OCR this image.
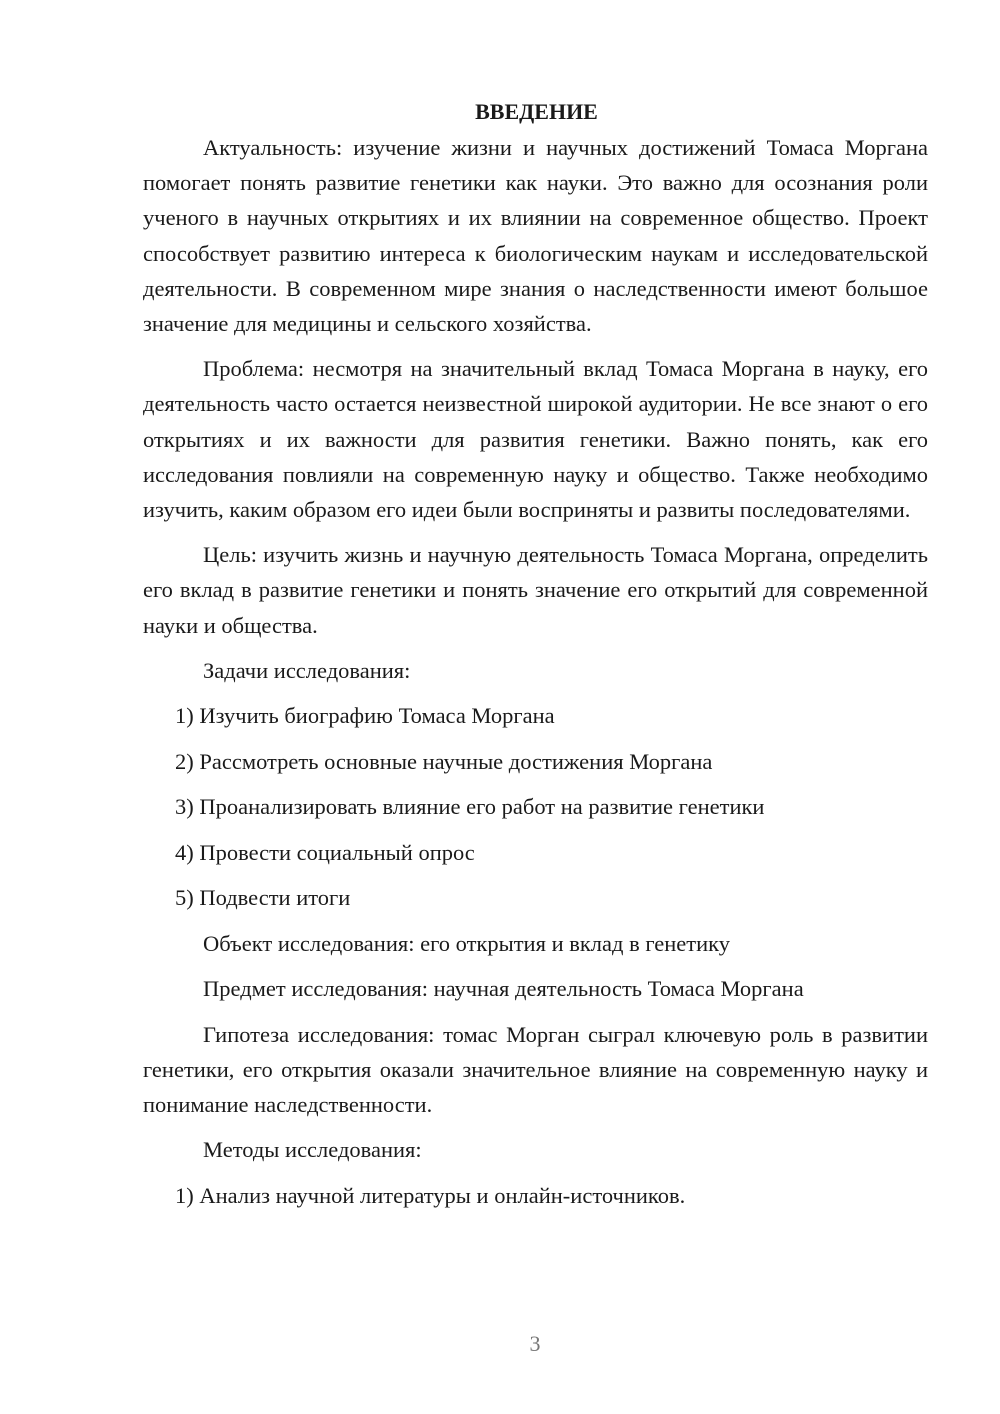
ВВЕДЕНИЕ

Актуальность: изучение жизни и научных достижений Томаса Моргана помогает понять развитие генетики как науки. Это важно для осознания роли ученого в научных открытиях и их влиянии на современное общество. Проект способствует развитию интереса к биологическим наукам и исследовательской деятельности. В современном мире знания о наследственности имеют большое значение для медицины и сельского хозяйства.

Проблема: несмотря на значительный вклад Томаса Моргана в науку, его деятельность часто остается неизвестной широкой аудитории. Не все знают о его открытиях и их важности для развития генетики. Важно понять, как его исследования повлияли на современную науку и общество. Также необходимо изучить, каким образом его идеи были восприняты и развиты последователями.

Цель: изучить жизнь и научную деятельность Томаса Моргана, определить его вклад в развитие генетики и понять значение его открытий для современной науки и общества.

Задачи исследования:

1) Изучить биографию Томаса Моргана

2) Рассмотреть основные научные достижения Моргана

3) Проанализировать влияние его работ на развитие генетики

4) Провести социальный опрос

5) Подвести итоги

Объект исследования: его открытия и вклад в генетику

Предмет исследования: научная деятельность Томаса Моргана

Гипотеза исследования: томас Морган сыграл ключевую роль в развитии генетики, его открытия оказали значительное влияние на современную науку и понимание наследственности.

Методы исследования:

1) Анализ научной литературы и онлайн-источников.

3
